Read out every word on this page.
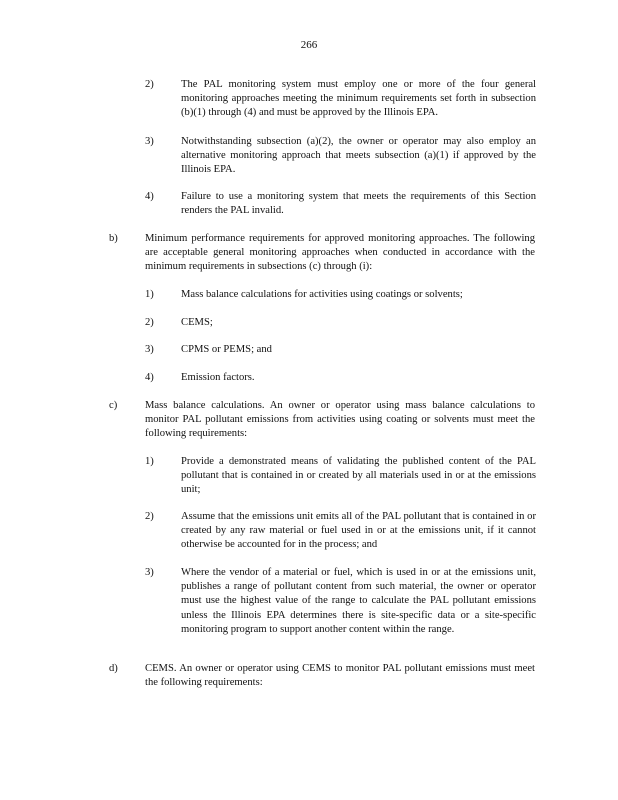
266
2)	The PAL monitoring system must employ one or more of the four general monitoring approaches meeting the minimum requirements set forth in subsection (b)(1) through (4) and must be approved by the Illinois EPA.
3)	Notwithstanding subsection (a)(2), the owner or operator may also employ an alternative monitoring approach that meets subsection (a)(1) if approved by the Illinois EPA.
4)	Failure to use a monitoring system that meets the requirements of this Section renders the PAL invalid.
b)	Minimum performance requirements for approved monitoring approaches. The following are acceptable general monitoring approaches when conducted in accordance with the minimum requirements in subsections (c) through (i):
1)	Mass balance calculations for activities using coatings or solvents;
2)	CEMS;
3)	CPMS or PEMS; and
4)	Emission factors.
c)	Mass balance calculations. An owner or operator using mass balance calculations to monitor PAL pollutant emissions from activities using coating or solvents must meet the following requirements:
1)	Provide a demonstrated means of validating the published content of the PAL pollutant that is contained in or created by all materials used in or at the emissions unit;
2)	Assume that the emissions unit emits all of the PAL pollutant that is contained in or created by any raw material or fuel used in or at the emissions unit, if it cannot otherwise be accounted for in the process; and
3)	Where the vendor of a material or fuel, which is used in or at the emissions unit, publishes a range of pollutant content from such material, the owner or operator must use the highest value of the range to calculate the PAL pollutant emissions unless the Illinois EPA determines there is site-specific data or a site-specific monitoring program to support another content within the range.
d)	CEMS. An owner or operator using CEMS to monitor PAL pollutant emissions must meet the following requirements:
